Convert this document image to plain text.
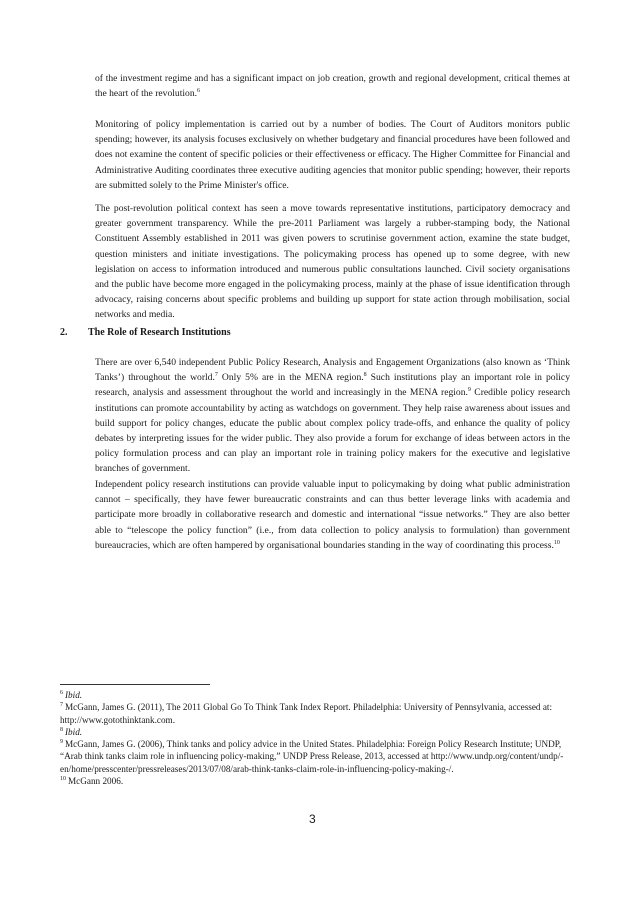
of the investment regime and has a significant impact on job creation, growth and regional development, critical themes at the heart of the revolution.$^6$

Monitoring of policy implementation is carried out by a number of bodies. The Court of Auditors monitors public spending; however, its analysis focuses exclusively on whether budgetary and financial procedures have been followed and does not examine the content of specific policies or their effectiveness or efficacy. The Higher Committee for Financial and Administrative Auditing coordinates three executive auditing agencies that monitor public spending; however, their reports are submitted solely to the Prime Minister's office.

The post-revolution political context has seen a move towards representative institutions, participatory democracy and greater government transparency. While the pre-2011 Parliament was largely a rubber-stamping body, the National Constituent Assembly established in 2011 was given powers to scrutinise government action, examine the state budget, question ministers and initiate investigations. The policymaking process has opened up to some degree, with new legislation on access to information introduced and numerous public consultations launched. Civil society organisations and the public have become more engaged in the policymaking process, mainly at the phase of issue identification through advocacy, raising concerns about specific problems and building up support for state action through mobilisation, social networks and media.

2. The Role of Research Institutions

There are over 6,540 independent Public Policy Research, Analysis and Engagement Organizations (also known as ‘Think Tanks’) throughout the world.$^7$ Only 5% are in the MENA region.$^8$ Such institutions play an important role in policy research, analysis and assessment throughout the world and increasingly in the MENA region.$^9$ Credible policy research institutions can promote accountability by acting as watchdogs on government. They help raise awareness about issues and build support for policy changes, educate the public about complex policy trade-offs, and enhance the quality of policy debates by interpreting issues for the wider public. They also provide a forum for exchange of ideas between actors in the policy formulation process and can play an important role in training policy makers for the executive and legislative branches of government.

Independent policy research institutions can provide valuable input to policymaking by doing what public administration cannot – specifically, they have fewer bureaucratic constraints and can thus better leverage links with academia and participate more broadly in collaborative research and domestic and international “issue networks.” They are also better able to “telescope the policy function” (i.e., from data collection to policy analysis to formulation) than government bureaucracies, which are often hampered by organisational boundaries standing in the way of coordinating this process.$^{10}$

$^6$ Ibid.
$^7$ McGann, James G. (2011), The 2011 Global Go To Think Tank Index Report. Philadelphia: University of Pennsylvania, accessed at: http://www.gotothinktank.com.
$^8$ Ibid.
$^9$ McGann, James G. (2006), Think tanks and policy advice in the United States. Philadelphia: Foreign Policy Research Institute; UNDP, “Arab think tanks claim role in influencing policy-making,” UNDP Press Release, 2013, accessed at http://www.undp.org/content/undp/-en/home/presscenter/pressreleases/2013/07/08/arab-think-tanks-claim-role-in-influencing-policy-making-/.
$^{10}$ McGann 2006.
3
